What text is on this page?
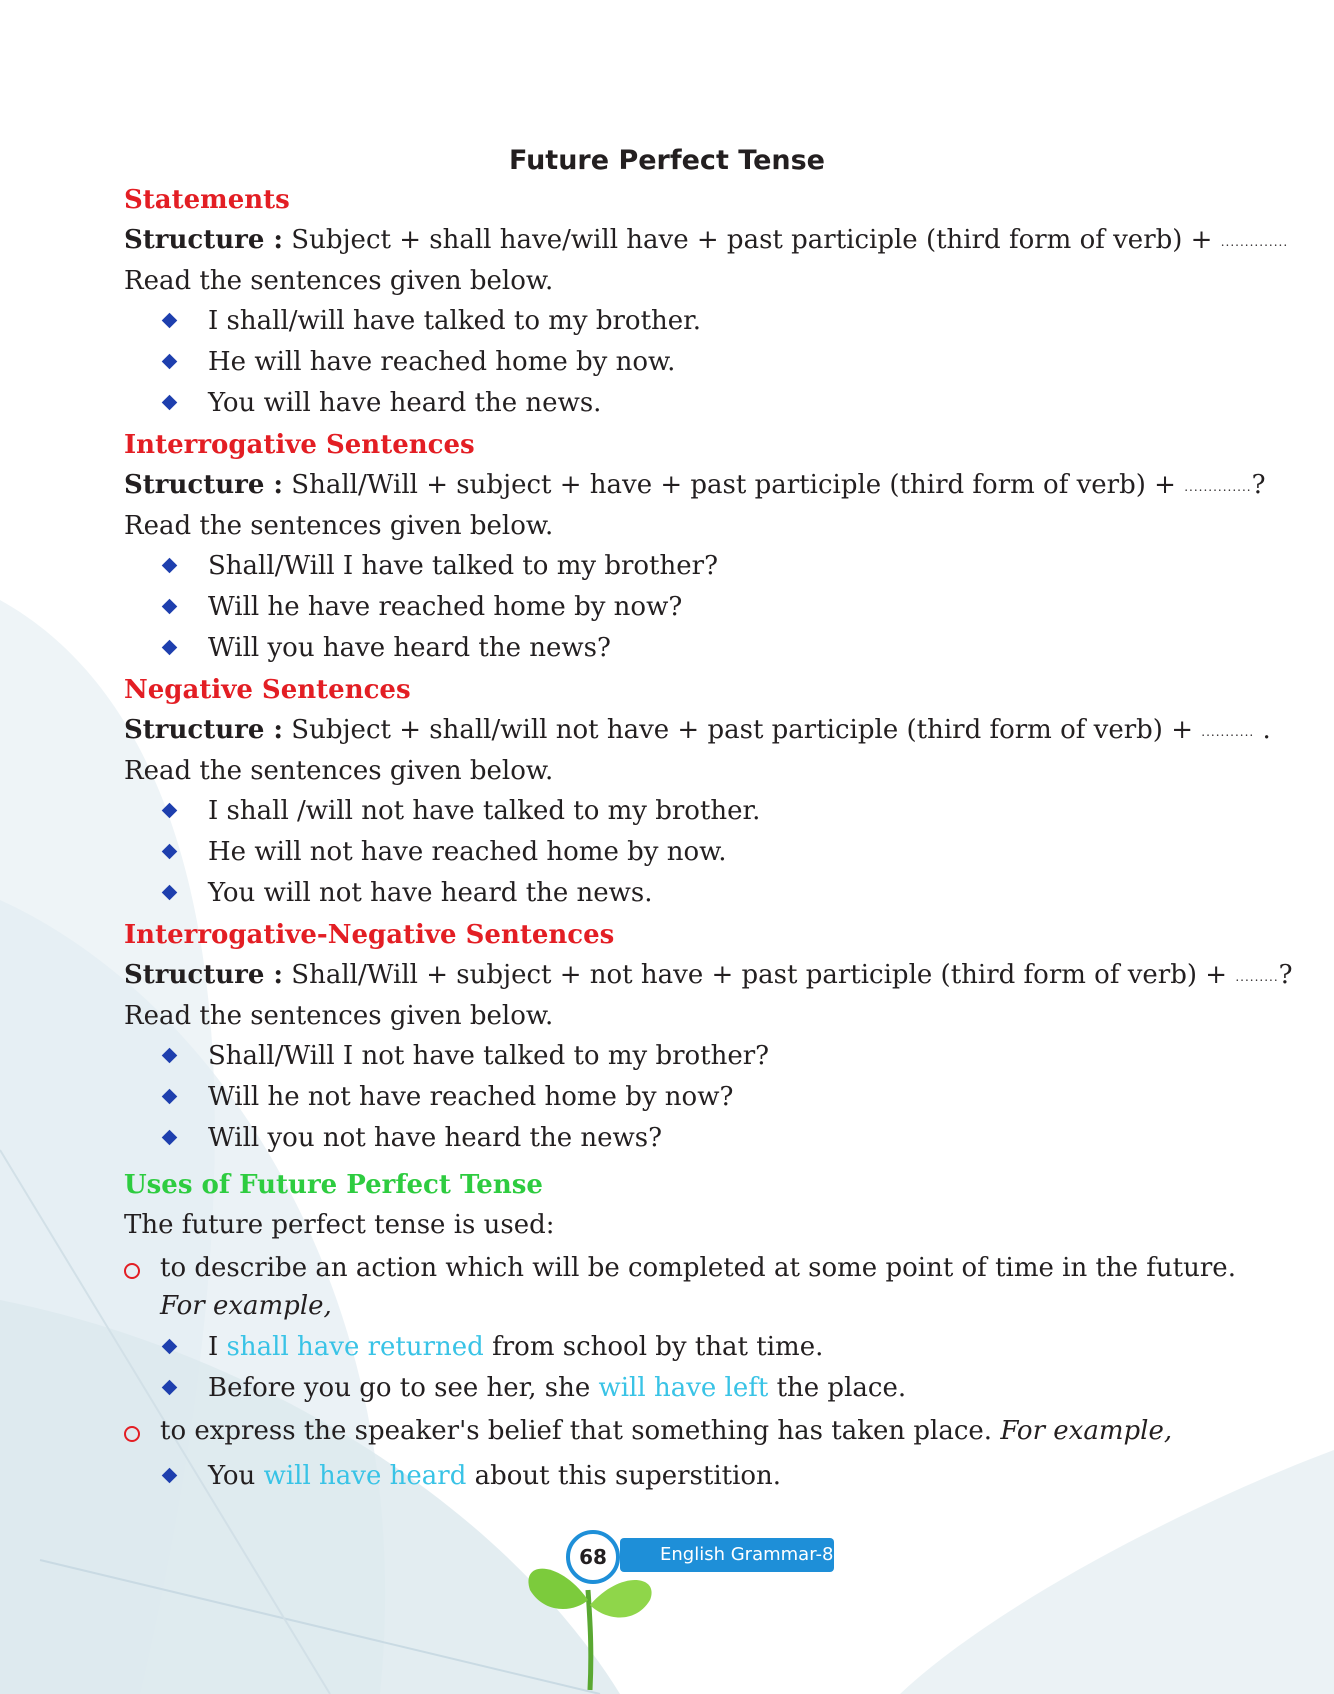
Future Perfect Tense
Statements
Structure : Subject + shall have/will have + past participle (third form of verb) + ..............
Read the sentences given below.
I shall/will have talked to my brother.
He will have reached home by now.
You will have heard the news.
Interrogative Sentences
Structure : Shall/Will + subject + have + past participle (third form of verb) + ..............?
Read the sentences given below.
Shall/Will I have talked to my brother?
Will he have reached home by now?
Will you have heard the news?
Negative Sentences
Structure : Subject + shall/will not have + past participle (third form of verb) + ........... .
Read the sentences given below.
I shall /will not have talked to my brother.
He will not have reached home by now.
You will not have heard the news.
Interrogative-Negative Sentences
Structure : Shall/Will + subject + not have + past participle (third form of verb) + .........?
Read the sentences given below.
Shall/Will I not have talked to my brother?
Will he not have reached home by now?
Will you not have heard the news?
Uses of Future Perfect Tense
The future perfect tense is used:
to describe an action which will be completed at some point of time in the future.
For example,
I shall have returned from school by that time.
Before you go to see her, she will have left the place.
to express the speaker's belief that something has taken place. For example,
You will have heard about this superstition.
68	English Grammar-8
